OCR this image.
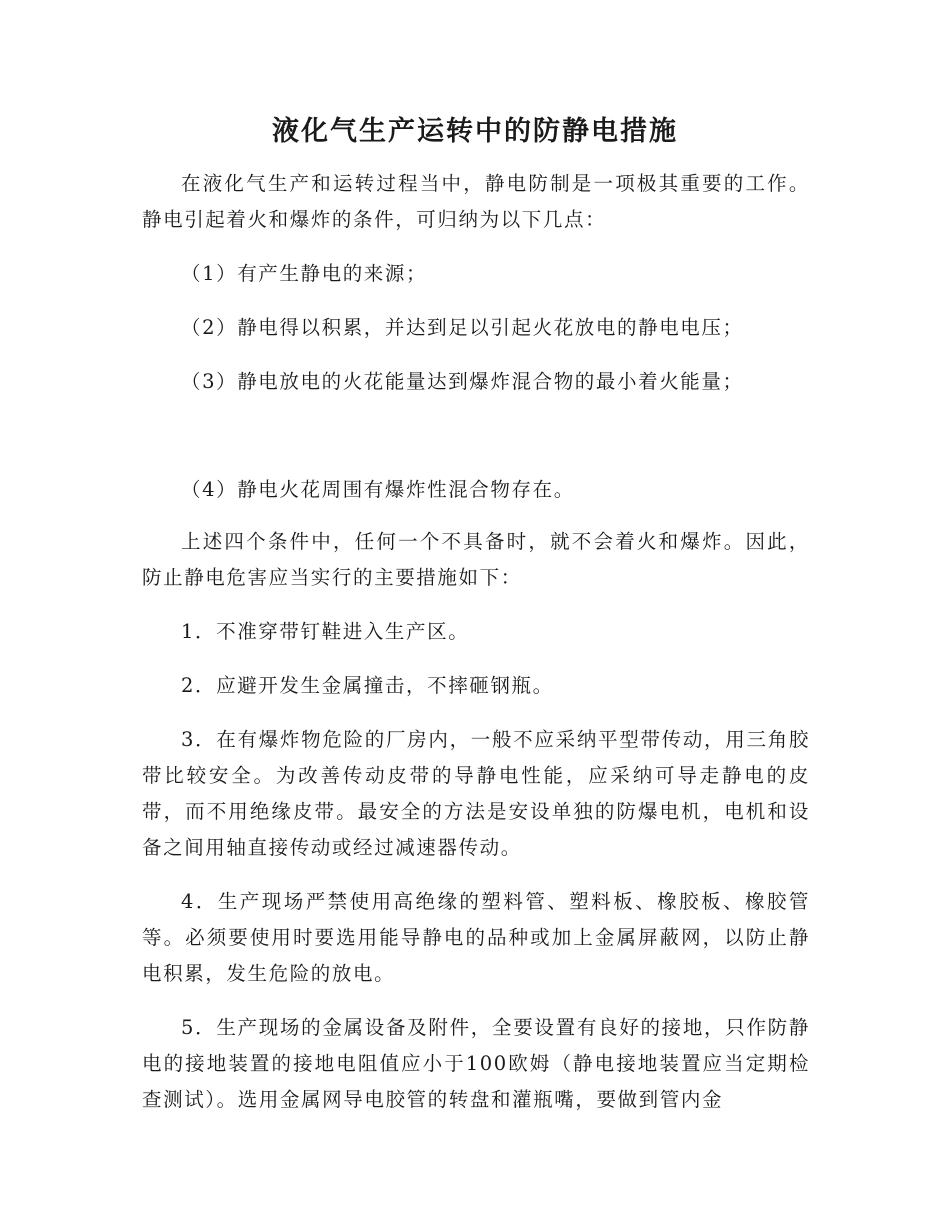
液化气生产运转中的防静电措施

在液化气生产和运转过程当中，静电防制是一项极其重要的工作。静电引起着火和爆炸的条件，可归纳为以下几点：

（1）有产生静电的来源；

（2）静电得以积累，并达到足以引起火花放电的静电电压；

（3）静电放电的火花能量达到爆炸混合物的最小着火能量；

（4）静电火花周围有爆炸性混合物存在。

上述四个条件中，任何一个不具备时，就不会着火和爆炸。因此，防止静电危害应当实行的主要措施如下：

1．不准穿带钉鞋进入生产区。

2．应避开发生金属撞击，不摔砸钢瓶。

3．在有爆炸物危险的厂房内，一般不应采纳平型带传动，用三角胶带比较安全。为改善传动皮带的导静电性能，应采纳可导走静电的皮带，而不用绝缘皮带。最安全的方法是安设单独的防爆电机，电机和设备之间用轴直接传动或经过减速器传动。

4．生产现场严禁使用高绝缘的塑料管、塑料板、橡胶板、橡胶管等。必须要使用时要选用能导静电的品种或加上金属屏蔽网，以防止静电积累，发生危险的放电。

5．生产现场的金属设备及附件，全要设置有良好的接地，只作防静电的接地装置的接地电阻值应小于100欧姆（静电接地装置应当定期检查测试）。选用金属网导电胶管的转盘和灌瓶嘴，要做到管内金
